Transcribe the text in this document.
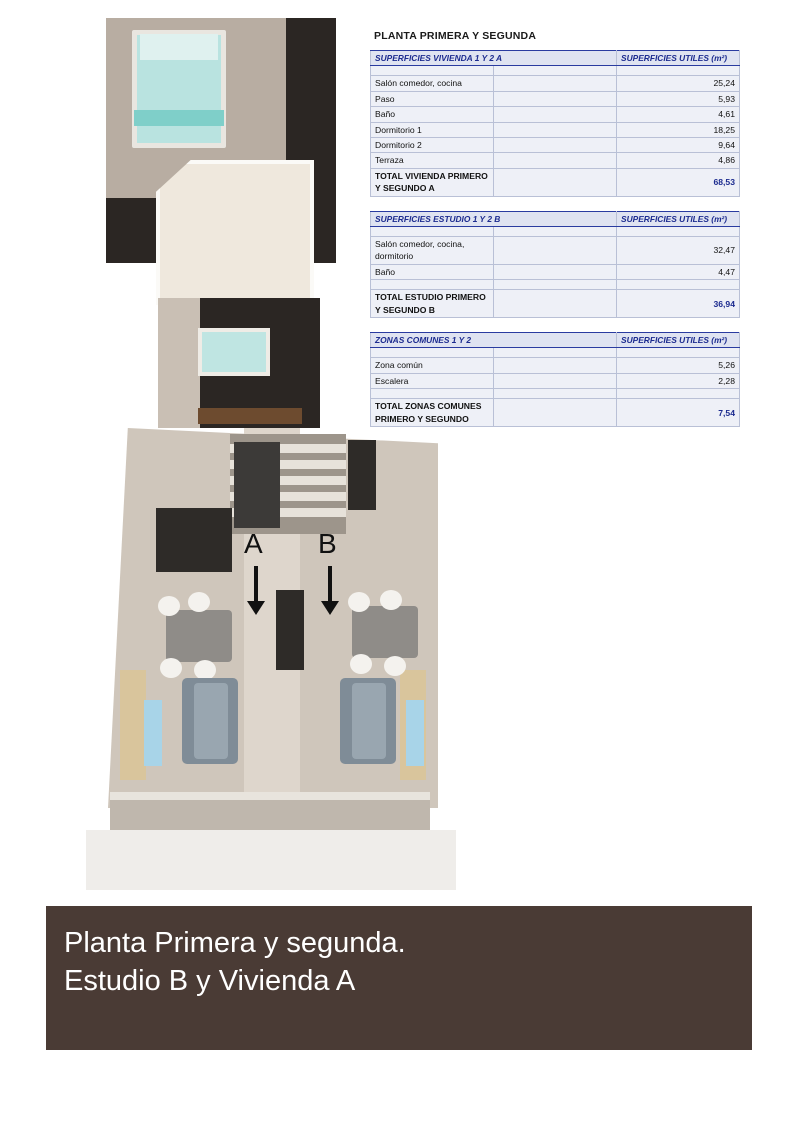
A B
PLANTA PRIMERA Y SEGUNDA
SUPERFICIES VIVIENDA 1 Y 2 A		SUPERFICIES UTILES (m²)

Salón comedor, cocina		25,24
Paso		5,93
Baño		4,61
Dormitorio 1		18,25
Dormitorio 2		9,64
Terraza		4,86
TOTAL VIVIENDA PRIMERO Y SEGUNDO A		68,53
SUPERFICIES ESTUDIO 1 Y 2 B		SUPERFICIES UTILES (m²)

Salón comedor, cocina, dormitorio		32,47
Baño		4,47

TOTAL ESTUDIO PRIMERO Y SEGUNDO B		36,94
ZONAS COMUNES 1 Y 2		SUPERFICIES UTILES (m²)

Zona común		5,26
Escalera		2,28

TOTAL ZONAS COMUNES PRIMERO Y SEGUNDO		7,54
Planta Primera y segunda.
Estudio B y Vivienda A
